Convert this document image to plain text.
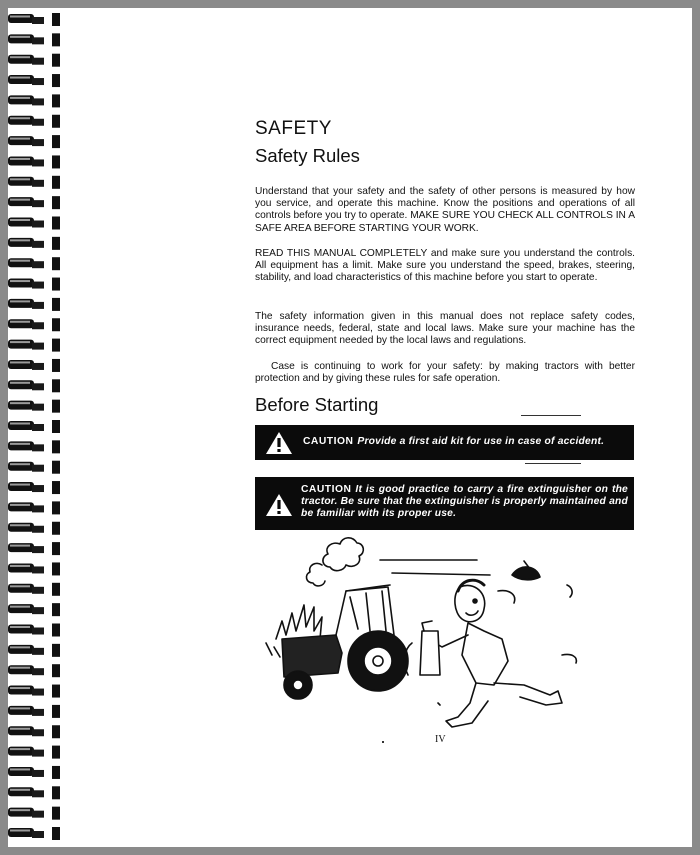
SAFETY
Safety Rules
Understand that your safety and the safety of other persons is measured by how you service, and operate this machine. Know the positions and operations of all controls before you try to operate. MAKE SURE YOU CHECK ALL CONTROLS IN A SAFE AREA BEFORE STARTING YOUR WORK.
READ THIS MANUAL COMPLETELY and make sure you understand the controls. All equipment has a limit. Make sure you understand the speed, brakes, steering, stability, and load characteristics of this machine before you start to operate.
The safety information given in this manual does not replace safety codes, insurance needs, federal, state and local laws. Make sure your machine has the correct equipment needed by the local laws and regulations.
Case is continuing to work for your safety: by making tractors with better protection and by giving these rules for safe operation.
Before Starting
CAUTION Provide a first aid kit for use in case of accident.
CAUTION It is good practice to carry a fire extinguisher on the tractor. Be sure that the extinguisher is properly maintained and be familiar with its proper use.
IV
